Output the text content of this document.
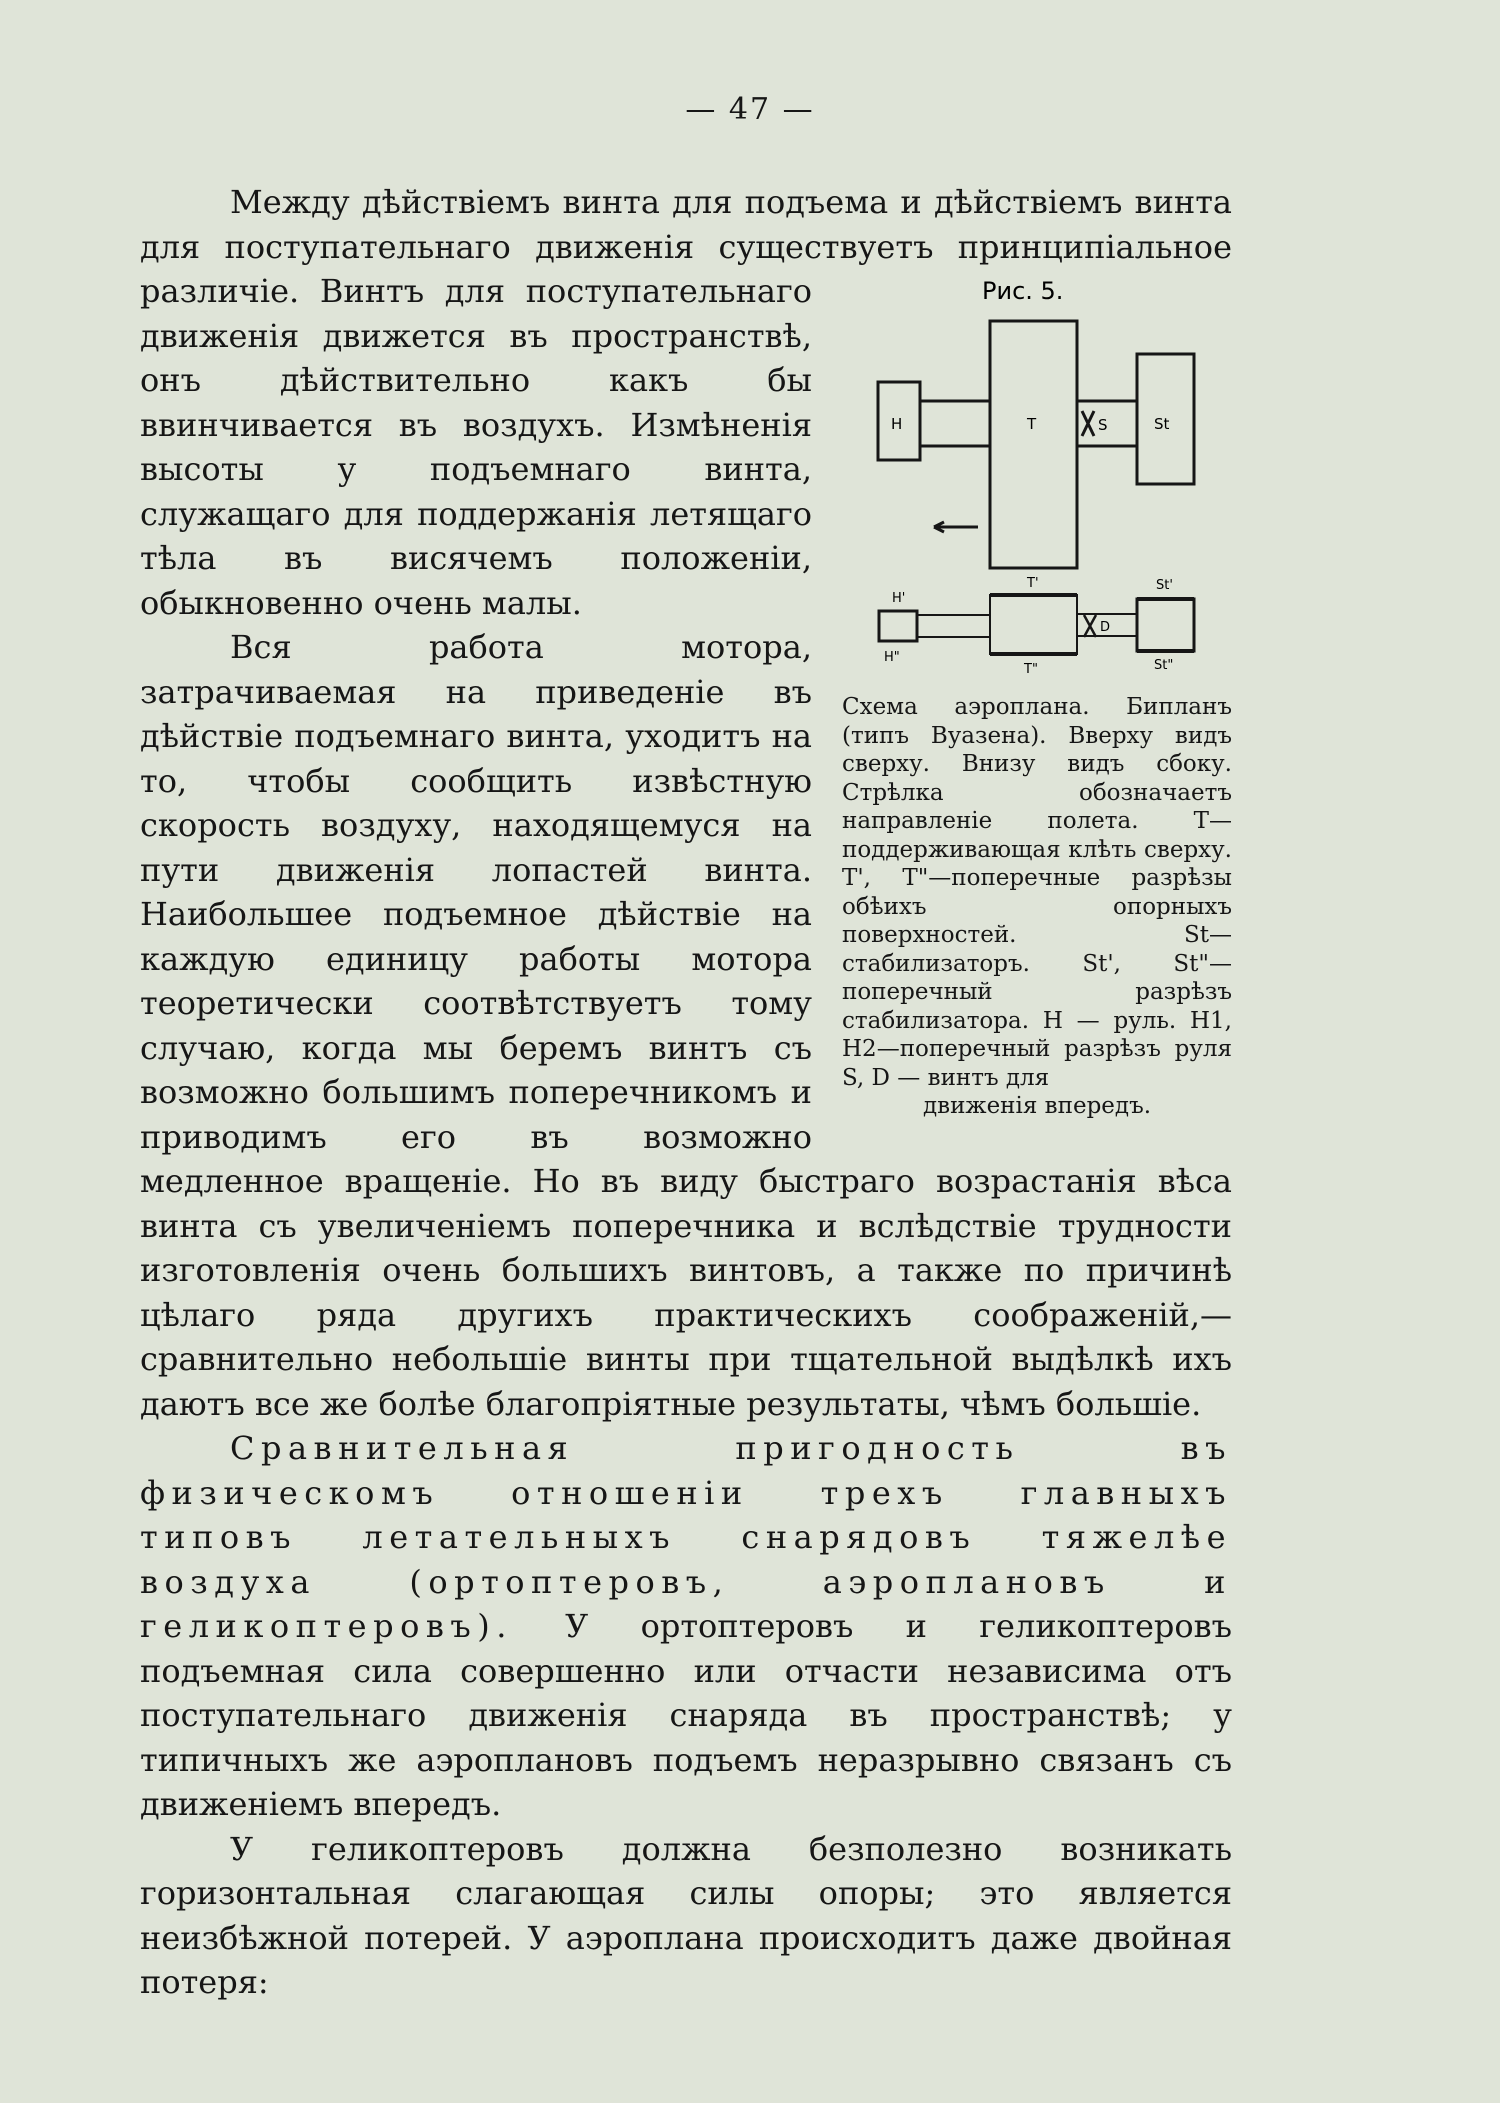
— 47 —

Между дѣйствіемъ винта для подъема и дѣйствіемъ винта для поступательнаго движенія существуетъ принципіальное различіе.	Рис. 5.
H	T	S	St
T'	St'
H'
D
H"
T"	St"
Схема аэроплана. Бипланъ (типъ Вуазена). Вверху видъ сверху. Внизу видъ сбоку. Стрѣлка обозначаетъ направленіе полета. T—поддерживающая клѣть сверху. T', T"—поперечные разрѣзы обѣихъ опорныхъ поверхностей. St—стабилизаторъ. St', St"—поперечный разрѣзъ стабилизатора. H — руль. H1, H2—поперечный разрѣзъ руля S, D — винтъ для
движенія впередъ.
Винтъ для поступательнаго движенія движется въ пространствѣ, онъ дѣйствительно какъ бы ввинчивается въ воздухъ. Измѣненія высоты у подъемнаго винта, служащаго для поддержанія летящаго тѣла въ висячемъ положеніи, обыкновенно очень малы.

Вся работа мотора, затрачиваемая на приведеніе въ дѣйствіе подъемнаго винта, уходитъ на то, чтобы сообщить извѣстную скорость воздуху, находящемуся на пути движенія лопастей винта. Наибольшее подъемное дѣйствіе на каждую единицу работы мотора теоретически соотвѣтствуетъ тому случаю, когда мы беремъ винтъ съ возможно большимъ поперечникомъ и приводимъ его въ возможно медленное вращеніе. Но въ виду быстраго возрастанія вѣса винта съ увеличеніемъ поперечника и вслѣдствіе трудности изготовленія очень большихъ винтовъ, а также по причинѣ цѣлаго ряда другихъ практическихъ соображеній,—сравнительно небольшіе винты при тщательной выдѣлкѣ ихъ даютъ все же болѣе благопріятные результаты, чѣмъ большіе.

Сравнительная пригодность въ физическомъ отношеніи трехъ главныхъ типовъ летательныхъ снарядовъ тяжелѣе воздуха (ортоптеровъ, аэроплановъ и геликоптеровъ). У ортоптеровъ и геликоптеровъ подъемная сила совершенно или отчасти независима отъ поступательнаго движенія снаряда въ пространствѣ; у типичныхъ же аэроплановъ подъемъ неразрывно связанъ съ движеніемъ впередъ.

У геликоптеровъ должна безполезно возникать горизонтальная слагающая силы опоры; это является неизбѣжной потерей. У аэроплана происходитъ даже двойная потеря:
